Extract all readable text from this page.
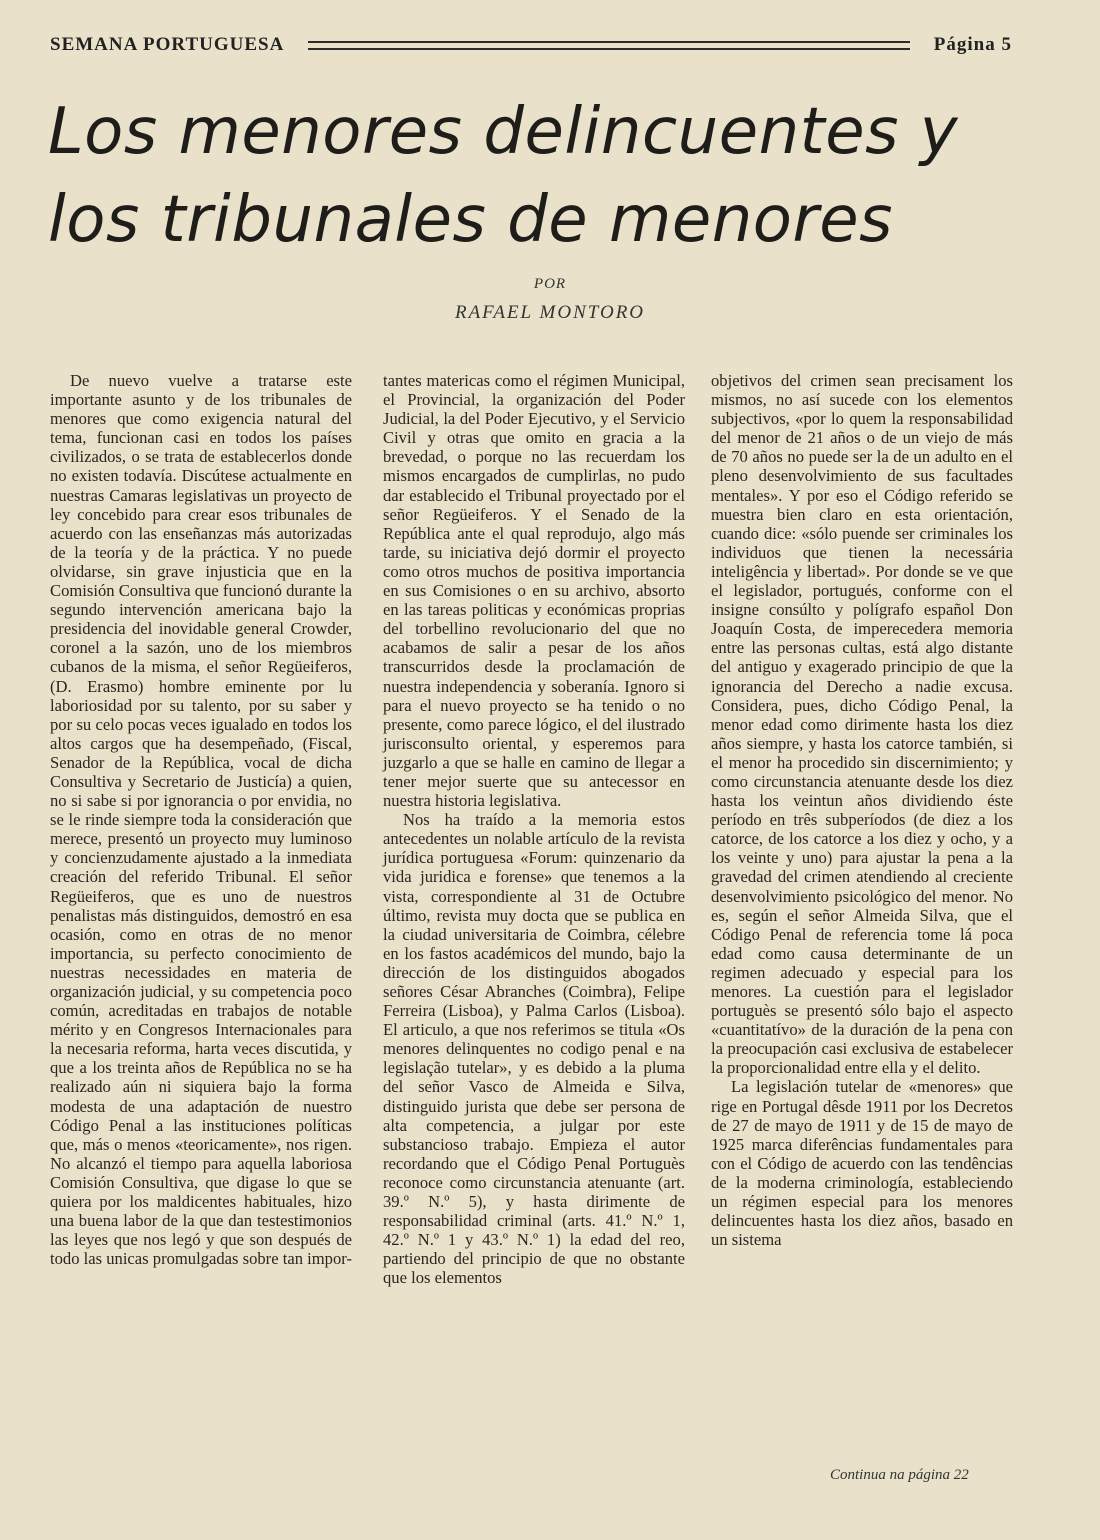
SEMANA PORTUGUESA	Página 5
Los menores delincuentes y
los tribunales de menores
POR
RAFAEL MONTORO

De nuevo vuelve a tratarse este importante asunto y de los tribunales de menores que como exigencia natural del tema, funcionan casi en todos los países civilizados, o se trata de establecerlos donde no existen todavía. Discútese actualmente en nuestras Camaras legislativas un proyecto de ley concebido para crear esos tribunales de acuerdo con las enseñanzas más autorizadas de la teoría y de la práctica. Y no puede olvidarse, sin grave injusticia que en la Comisión Consultiva que funcionó durante la segundo intervención americana bajo la presidencia del inovidable general Crowder, coronel a la sazón, uno de los miembros cubanos de la misma, el señor Regüeiferos, (D. Erasmo) hombre eminente por lu laboriosidad por su talento, por su saber y por su celo pocas veces igualado en todos los altos cargos que ha desempeñado, (Fiscal, Senador de la República, vocal de dicha Consultiva y Secretario de Justicía) a quien, no si sabe si por ignorancia o por envidia, no se le rinde siempre toda la consideración que merece, presentó un proyecto muy luminoso y concienzudamente ajustado a la inmediata creación del referido Tribunal. El señor Regüeiferos, que es uno de nuestros penalistas más distinguidos, demostró en esa ocasión, como en otras de no menor importancia, su perfecto conocimiento de nuestras necessidades en materia de organización judicial, y su competencia poco común, acreditadas en trabajos de notable mérito y en Congresos Internacionales para la necesaria reforma, harta veces discutida, y que a los treinta años de República no se ha realizado aún ni siquiera bajo la forma modesta de una adaptación de nuestro Código Penal a las instituciones políticas que, más o menos «teoricamente», nos rigen. No alcanzó el tiempo para aquella laboriosa Comisión Consultiva, que digase lo que se quiera por los maldicentes habituales, hizo una buena labor de la que dan testestimonios las leyes que nos legó y que son después de todo las unicas promulgadas sobre tan impor-

tantes matericas como el régimen Municipal, el Provincial, la organización del Poder Judicial, la del Poder Ejecutivo, y el Servicio Civil y otras que omito en gracia a la brevedad, o porque no las recuerdam los mismos encargados de cumplirlas, no pudo dar establecido el Tribunal proyectado por el señor Regüeiferos. Y el Senado de la República ante el qual reprodujo, algo más tarde, su iniciativa dejó dormir el proyecto como otros muchos de positiva importancia en sus Comisiones o en su archivo, absorto en las tareas politicas y económicas proprias del torbellino revolucionario del que no acabamos de salir a pesar de los años transcurridos desde la proclamación de nuestra independencia y soberanía. Ignoro si para el nuevo proyecto se ha tenido o no presente, como parece lógico, el del ilustrado jurisconsulto oriental, y esperemos para juzgarlo a que se halle en camino de llegar a tener mejor suerte que su antecessor en nuestra historia legislativa.

Nos ha traído a la memoria estos antecedentes un nolable artículo de la revista jurídica portuguesa «Forum: quinzenario da vida juridica e forense» que tenemos a la vista, correspondiente al 31 de Octubre último, revista muy docta que se publica en la ciudad universitaria de Coimbra, célebre en los fastos académicos del mundo, bajo la dirección de los distinguidos abogados señores César Abranches (Coimbra), Felipe Ferreira (Lisboa), y Palma Carlos (Lisboa). El articulo, a que nos referimos se titula «Os menores delinquentes no codigo penal e na legislação tutelar», y es debido a la pluma del señor Vasco de Almeida e Silva, distinguido jurista que debe ser persona de alta competencia, a julgar por este substancioso trabajo. Empieza el autor recordando que el Código Penal Portuguès reconoce como circunstancia atenuante (art. 39.º N.º 5), y hasta dirimente de responsabilidad criminal (arts. 41.º N.º 1, 42.º N.º 1 y 43.º N.º 1) la edad del reo, partiendo del principio de que no obstante que los elementos

objetivos del crimen sean precisament los mismos, no así sucede con los elementos subjectivos, «por lo quem la responsabilidad del menor de 21 años o de un viejo de más de 70 años no puede ser la de un adulto en el pleno desenvolvimiento de sus facultades mentales». Y por eso el Código referido se muestra bien claro en esta orientación, cuando dice: «sólo puende ser criminales los individuos que tienen la necessária inteligência y libertad». Por donde se ve que el legislador, portugués, conforme con el insigne consúlto y polígrafo español Don Joaquín Costa, de imperecedera memoria entre las personas cultas, está algo distante del antiguo y exagerado principio de que la ignorancia del Derecho a nadie excusa. Considera, pues, dicho Código Penal, la menor edad como dirimente hasta los diez años siempre, y hasta los catorce también, si el menor ha procedido sin discernimiento; y como circunstancia atenuante desde los diez hasta los veintun años dividiendo éste período en três subperíodos (de diez a los catorce, de los catorce a los diez y ocho, y a los veinte y uno) para ajustar la pena a la gravedad del crimen atendiendo al creciente desenvolvimiento psicológico del menor. No es, según el señor Almeida Silva, que el Código Penal de referencia tome lá poca edad como causa determinante de un regimen adecuado y especial para los menores. La cuestión para el legislador portuguès se presentó sólo bajo el aspecto «cuantitatívo» de la duración de la pena con la preocupación casi exclusiva de estabelecer la proporcionalidad entre ella y el delito.

La legislación tutelar de «menores» que rige en Portugal dêsde 1911 por los Decretos de 27 de mayo de 1911 y de 15 de mayo de 1925 marca diferências fundamentales para con el Código de acuerdo con las tendências de la moderna criminología, estableciendo un régimen especial para los menores delincuentes hasta los diez años, basado en un sistema

Continua na página 22
